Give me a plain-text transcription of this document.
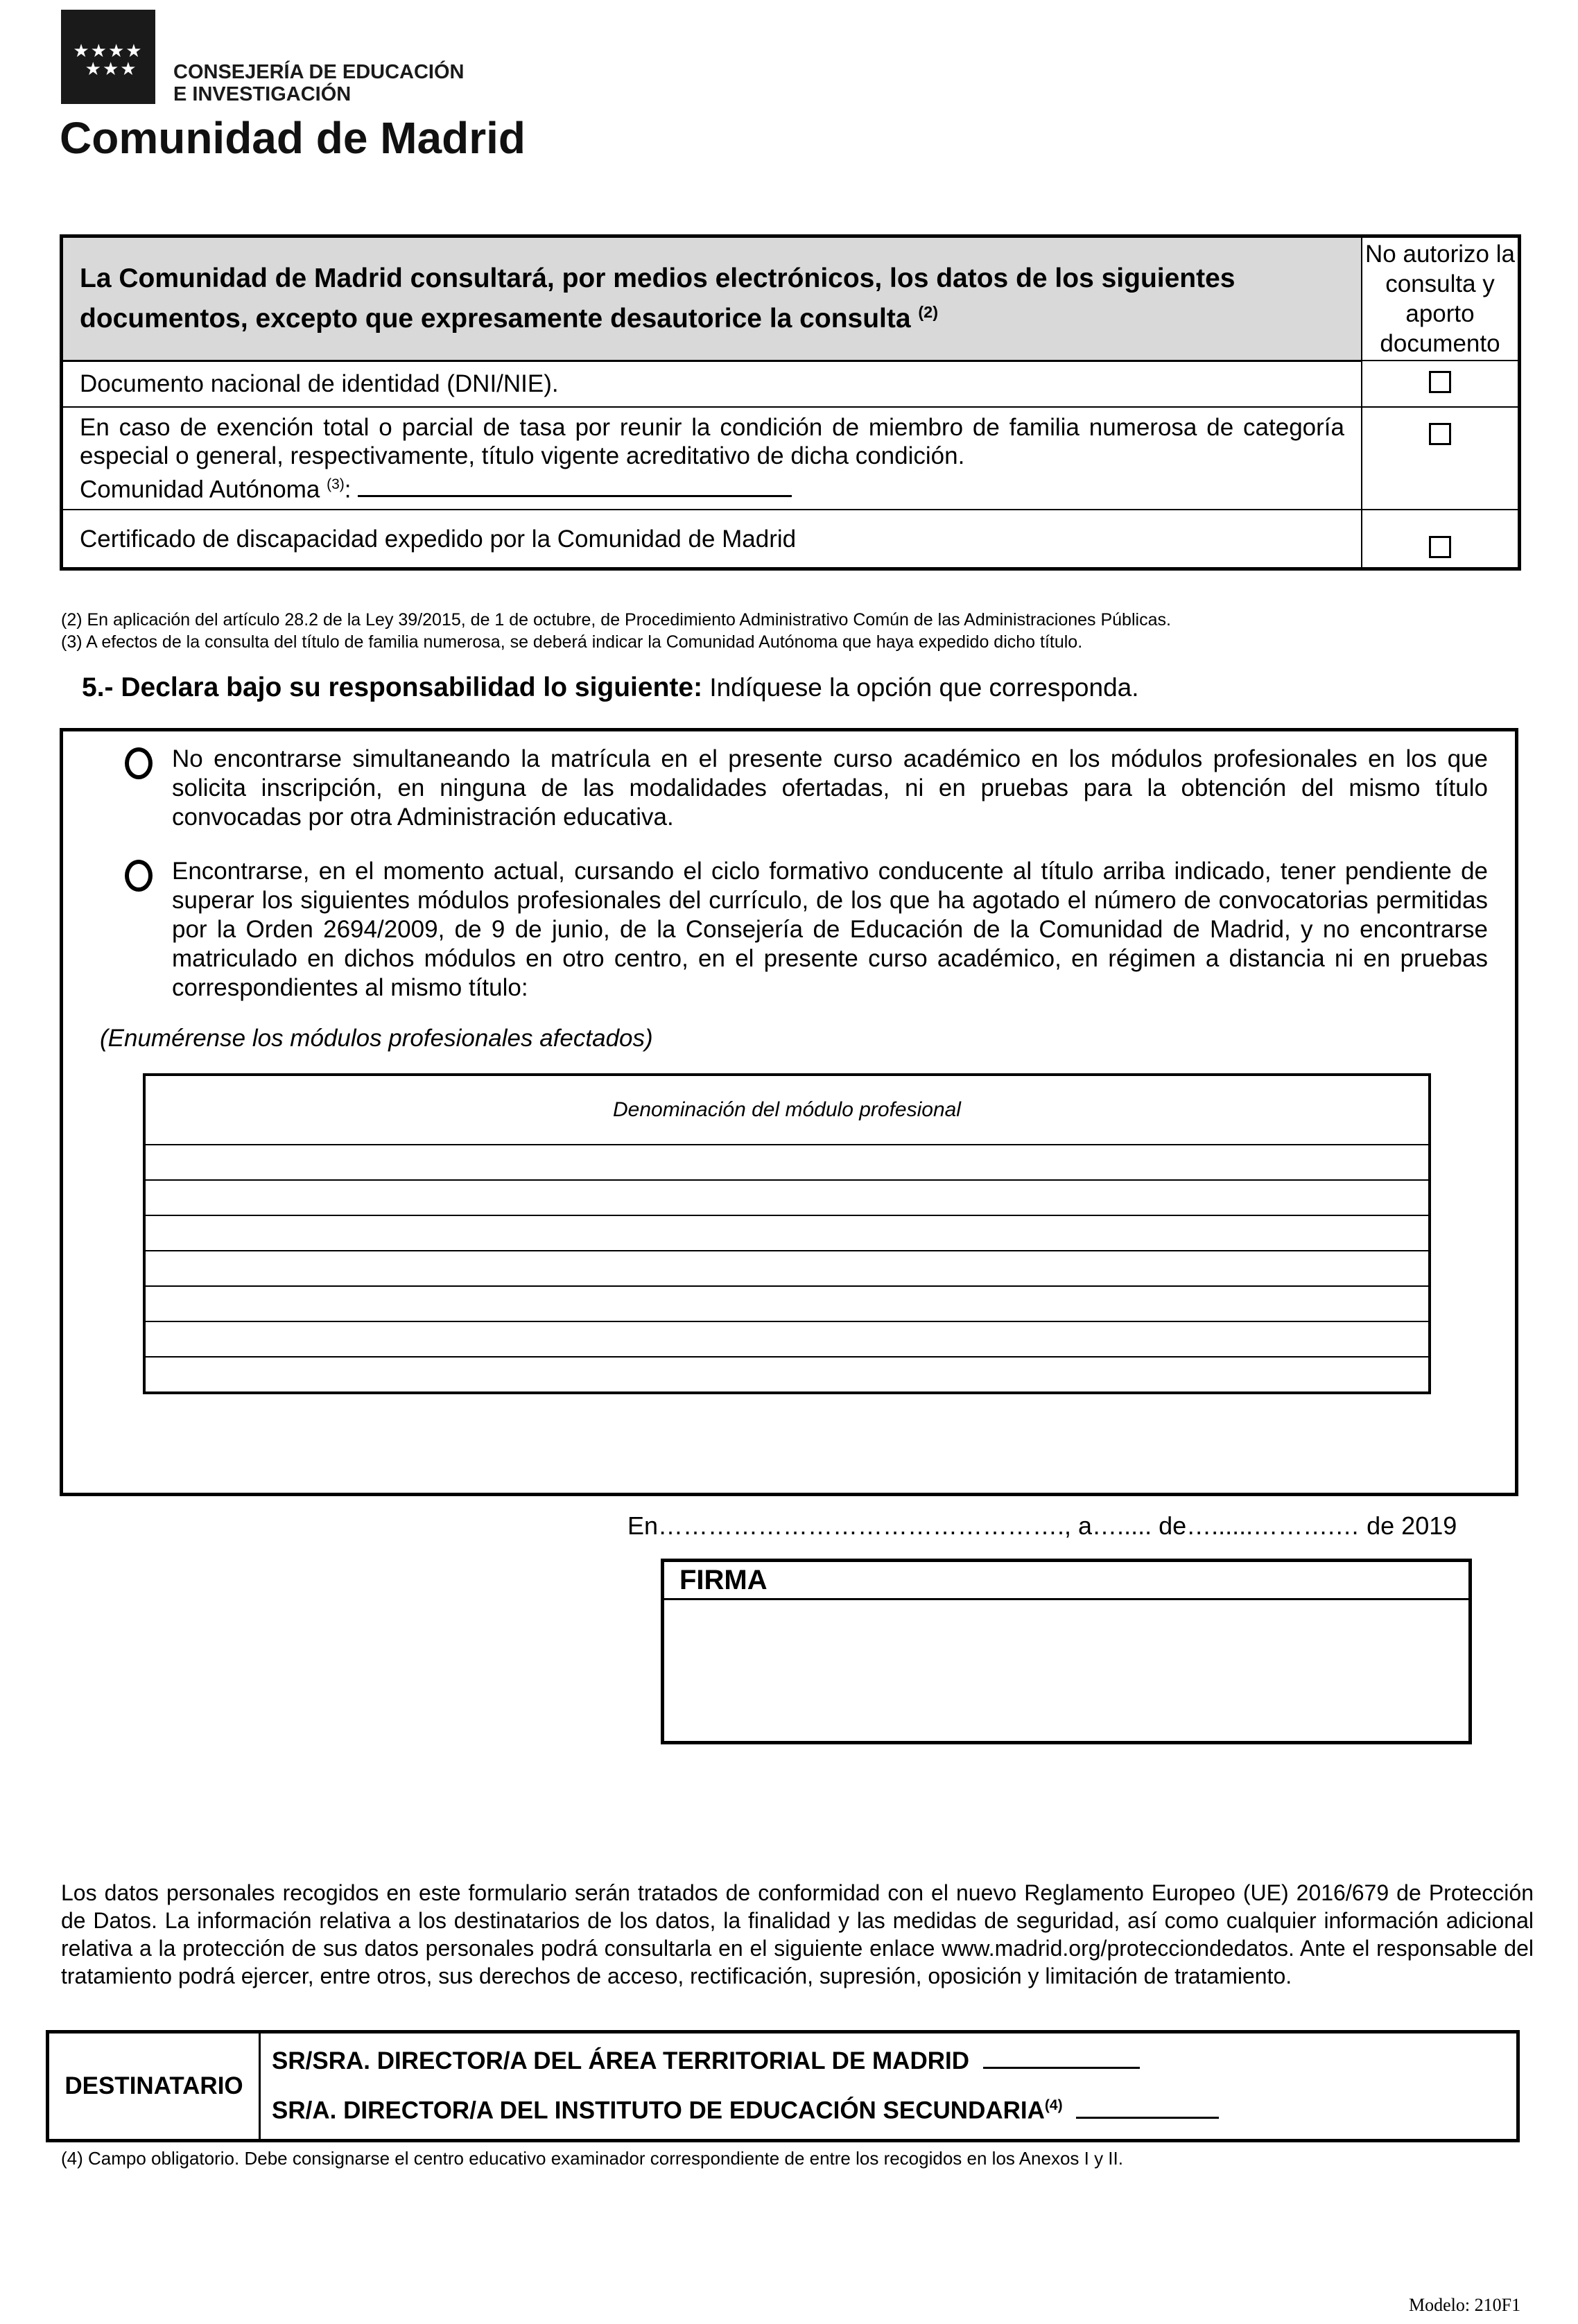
★★★★
★★★	CONSEJERÍA DE EDUCACIÓN
E INVESTIGACIÓN
Comunidad de Madrid
La Comunidad de Madrid consultará, por medios electrónicos, los datos de los siguientes documentos, excepto que expresamente desautorice la consulta $^{(2)}$	No autorizo la consulta y aporto documento
Documento nacional de identidad (DNI/NIE).	
En caso de exención total o parcial de tasa por reunir la condición de miembro de familia numerosa de categoría especial o general, respectivamente, título vigente acreditativo de dicha condición.
Comunidad Autónoma $^{(3)}$:	
Certificado de discapacidad expedido por la Comunidad de Madrid	
(2) En aplicación del artículo 28.2 de la Ley 39/2015, de 1 de octubre, de Procedimiento Administrativo Común de las Administraciones Públicas.
(3) A efectos de la consulta del título de familia numerosa, se deberá indicar la Comunidad Autónoma que haya expedido dicho título.
5.- Declara bajo su responsabilidad lo siguiente: Indíquese la opción que corresponda.
No encontrarse simultaneando la matrícula en el presente curso académico en los módulos profesionales en los que solicita inscripción, en ninguna de las modalidades ofertadas, ni en pruebas para la obtención del mismo título convocadas por otra Administración educativa.
Encontrarse, en el momento actual, cursando el ciclo formativo conducente al título arriba indicado, tener pendiente de superar los siguientes módulos profesionales del currículo, de los que ha agotado el número de convocatorias permitidas por la Orden 2694/2009, de 9 de junio, de la Consejería de Educación de la Comunidad de Madrid, y no encontrarse matriculado en dichos módulos en otro centro, en el presente curso académico, en régimen a distancia ni en pruebas correspondientes al mismo título:
(Enumérense los módulos profesionales afectados)
Denominación del módulo profesional

En…………………………………………., a…..... de…......……….… de 2019
FIRMA
Los datos personales recogidos en este formulario serán tratados de conformidad con el nuevo Reglamento Europeo (UE) 2016/679 de Protección de Datos. La información relativa a los destinatarios de los datos, la finalidad y las medidas de seguridad, así como cualquier información adicional relativa a la protección de sus datos personales podrá consultarla en el siguiente enlace www.madrid.org/protecciondedatos. Ante el responsable del tratamiento podrá ejercer, entre otros, sus derechos de acceso, rectificación, supresión, oposición y limitación de tratamiento.
DESTINATARIO	
SR/SRA. DIRECTOR/A DEL ÁREA TERRITORIAL DE MADRID
SR/A. DIRECTOR/A DEL INSTITUTO DE EDUCACIÓN SECUNDARIA$^{(4)}$
(4) Campo obligatorio. Debe consignarse el centro educativo examinador correspondiente de entre los recogidos en los Anexos I y II.
Modelo: 210F1
